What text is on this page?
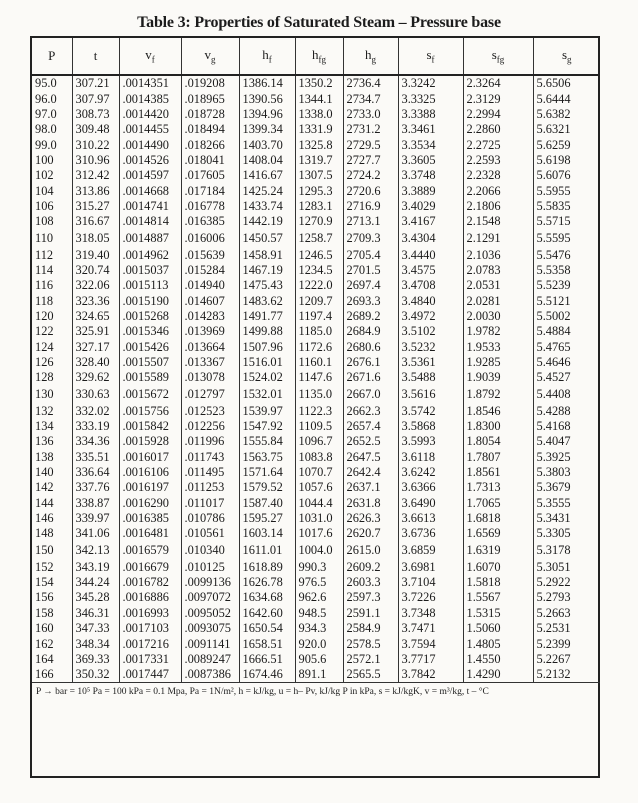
Table 3: Properties of Saturated Steam – Pressure base
P	t	$v_f$	$v_g$	$h_f$	$h_{fg}$	$h_g$	$s_f$	$s_{fg}$	$s_g$
95.0	307.21	.0014351	.019208	1386.14	1350.2	2736.4	3.3242	2.3264	5.6506
96.0	307.97	.0014385	.018965	1390.56	1344.1	2734.7	3.3325	2.3129	5.6444
97.0	308.73	.0014420	.018728	1394.96	1338.0	2733.0	3.3388	2.2994	5.6382
98.0	309.48	.0014455	.018494	1399.34	1331.9	2731.2	3.3461	2.2860	5.6321
99.0	310.22	.0014490	.018266	1403.70	1325.8	2729.5	3.3534	2.2725	5.6259
100	310.96	.0014526	.018041	1408.04	1319.7	2727.7	3.3605	2.2593	5.6198
102	312.42	.0014597	.017605	1416.67	1307.5	2724.2	3.3748	2.2328	5.6076
104	313.86	.0014668	.017184	1425.24	1295.3	2720.6	3.3889	2.2066	5.5955
106	315.27	.0014741	.016778	1433.74	1283.1	2716.9	3.4029	2.1806	5.5835
108	316.67	.0014814	.016385	1442.19	1270.9	2713.1	3.4167	2.1548	5.5715
110	318.05	.0014887	.016006	1450.57	1258.7	2709.3	3.4304	2.1291	5.5595
112	319.40	.0014962	.015639	1458.91	1246.5	2705.4	3.4440	2.1036	5.5476
114	320.74	.0015037	.015284	1467.19	1234.5	2701.5	3.4575	2.0783	5.5358
116	322.06	.0015113	.014940	1475.43	1222.0	2697.4	3.4708	2.0531	5.5239
118	323.36	.0015190	.014607	1483.62	1209.7	2693.3	3.4840	2.0281	5.5121
120	324.65	.0015268	.014283	1491.77	1197.4	2689.2	3.4972	2.0030	5.5002
122	325.91	.0015346	.013969	1499.88	1185.0	2684.9	3.5102	1.9782	5.4884
124	327.17	.0015426	.013664	1507.96	1172.6	2680.6	3.5232	1.9533	5.4765
126	328.40	.0015507	.013367	1516.01	1160.1	2676.1	3.5361	1.9285	5.4646
128	329.62	.0015589	.013078	1524.02	1147.6	2671.6	3.5488	1.9039	5.4527
130	330.63	.0015672	.012797	1532.01	1135.0	2667.0	3.5616	1.8792	5.4408
132	332.02	.0015756	.012523	1539.97	1122.3	2662.3	3.5742	1.8546	5.4288
134	333.19	.0015842	.012256	1547.92	1109.5	2657.4	3.5868	1.8300	5.4168
136	334.36	.0015928	.011996	1555.84	1096.7	2652.5	3.5993	1.8054	5.4047
138	335.51	.0016017	.011743	1563.75	1083.8	2647.5	3.6118	1.7807	5.3925
140	336.64	.0016106	.011495	1571.64	1070.7	2642.4	3.6242	1.8561	5.3803
142	337.76	.0016197	.011253	1579.52	1057.6	2637.1	3.6366	1.7313	5.3679
144	338.87	.0016290	.011017	1587.40	1044.4	2631.8	3.6490	1.7065	5.3555
146	339.97	.0016385	.010786	1595.27	1031.0	2626.3	3.6613	1.6818	5.3431
148	341.06	.0016481	.010561	1603.14	1017.6	2620.7	3.6736	1.6569	5.3305
150	342.13	.0016579	.010340	1611.01	1004.0	2615.0	3.6859	1.6319	5.3178
152	343.19	.0016679	.010125	1618.89	990.3	2609.2	3.6981	1.6070	5.3051
154	344.24	.0016782	.0099136	1626.78	976.5	2603.3	3.7104	1.5818	5.2922
156	345.28	.0016886	.0097072	1634.68	962.6	2597.3	3.7226	1.5567	5.2793
158	346.31	.0016993	.0095052	1642.60	948.5	2591.1	3.7348	1.5315	5.2663
160	347.33	.0017103	.0093075	1650.54	934.3	2584.9	3.7471	1.5060	5.2531
162	348.34	.0017216	.0091141	1658.51	920.0	2578.5	3.7594	1.4805	5.2399
164	369.33	.0017331	.0089247	1666.51	905.6	2572.1	3.7717	1.4550	5.2267
166	350.32	.0017447	.0087386	1674.46	891.1	2565.5	3.7842	1.4290	5.2132
P → bar = 10⁵ Pa = 100 kPa = 0.1 Mpa, Pa = 1N/m², h = kJ/kg, u = h– Pv, kJ/kg P in kPa, s = kJ/kgK, v = m³/kg, t – °C									
